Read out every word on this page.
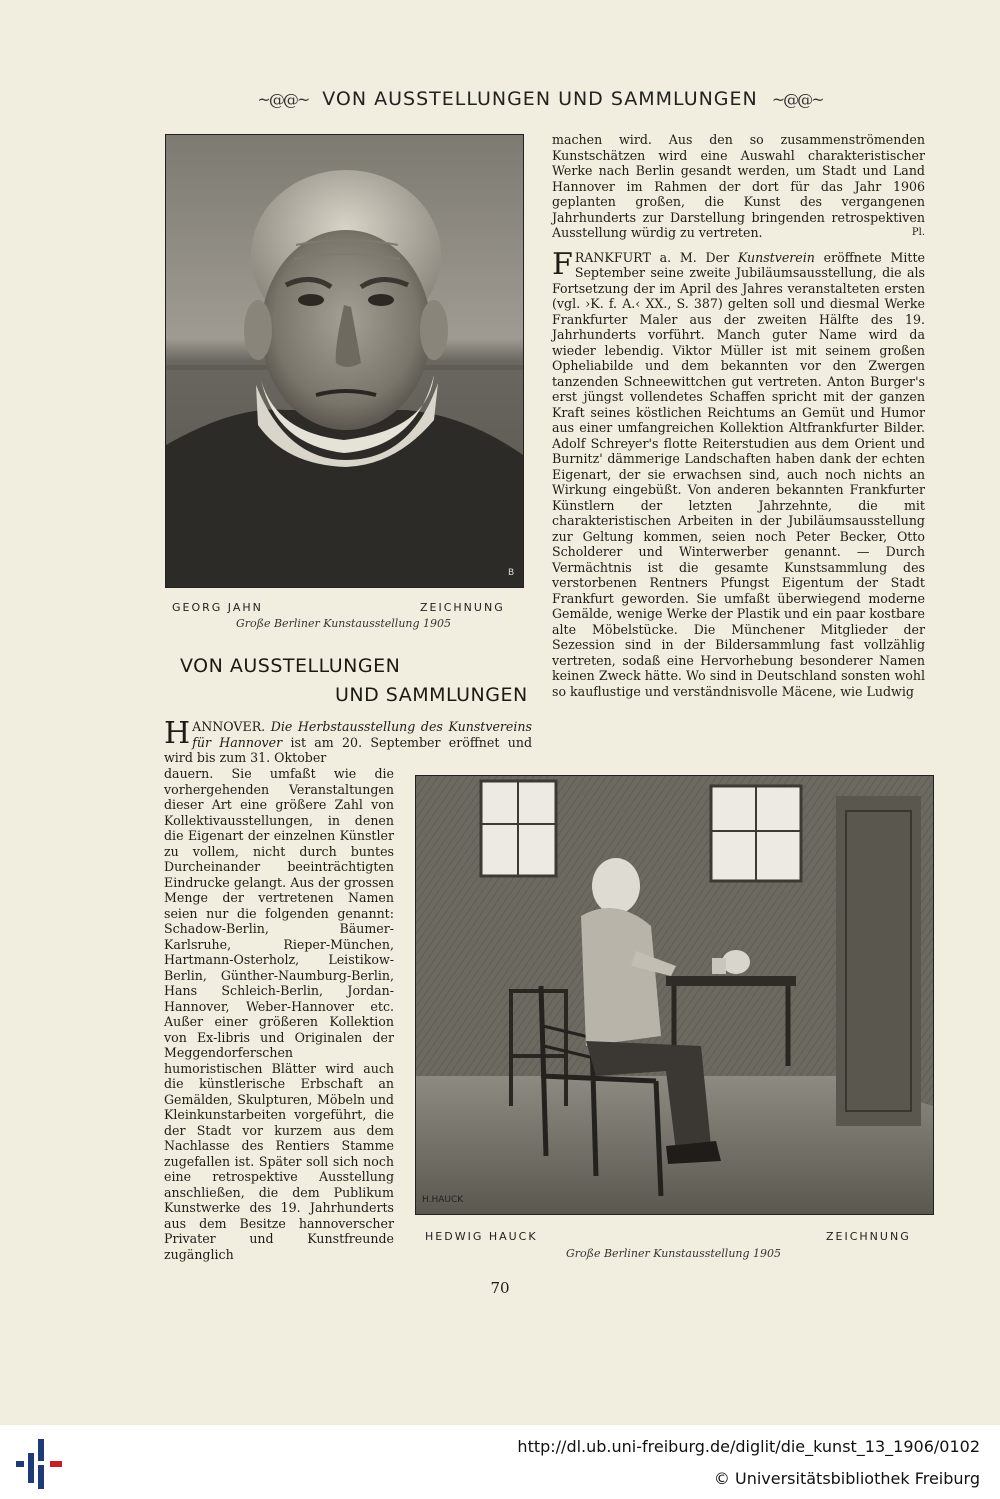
~@@~ VON AUSSTELLUNGEN UND SAMMLUNGEN ~@@~
B
GEORG JAHN	ZEICHNUNG
Große Berliner Kunstausstellung 1905
VON AUSSTELLUNGEN
UND SAMMLUNGEN

machen wird. Aus den so zusammenströmenden Kunstschätzen wird eine Auswahl charakteristischer Werke nach Berlin gesandt werden, um Stadt und Land Hannover im Rahmen der dort für das Jahr 1906 geplanten großen, die Kunst des vergangenen Jahrhunderts zur Darstellung bringenden retrospektiven Ausstellung würdig zu vertreten.	Pl.

FRANKFURT a. M. Der Kunstverein eröffnete Mitte September seine zweite Jubiläumsausstellung, die als Fortsetzung der im April des Jahres veranstalteten ersten (vgl. ›K. f. A.‹ XX., S. 387) gelten soll und diesmal Werke Frankfurter Maler aus der zweiten Hälfte des 19. Jahrhunderts vorführt. Manch guter Name wird da wieder lebendig. Viktor Müller ist mit seinem großen Opheliabilde und dem bekannten vor den Zwergen tanzenden Schneewittchen gut vertreten. Anton Burger's erst jüngst vollendetes Schaffen spricht mit der ganzen Kraft seines köstlichen Reichtums an Gemüt und Humor aus einer umfangreichen Kollektion Altfrankfurter Bilder. Adolf Schreyer's flotte Reiterstudien aus dem Orient und Burnitz' dämmerige Landschaften haben dank der echten Eigenart, der sie erwachsen sind, auch noch nichts an Wirkung eingebüßt. Von anderen bekannten Frankfurter Künstlern der letzten Jahrzehnte, die mit charakteristischen Arbeiten in der Jubiläumsausstellung zur Geltung kommen, seien noch Peter Becker, Otto Scholderer und Winterwerber genannt. — Durch Vermächtnis ist die gesamte Kunstsammlung des verstorbenen Rentners Pfungst Eigentum der Stadt Frankfurt geworden. Sie umfaßt überwiegend moderne Gemälde, wenige Werke der Plastik und ein paar kostbare alte Möbelstücke. Die Münchener Mitglieder der Sezession sind in der Bildersammlung fast vollzählig vertreten, sodaß eine Hervorhebung besonderer Namen keinen Zweck hätte. Wo sind in Deutschland sonsten wohl so kauflustige und verständnisvolle Mäcene, wie Ludwig

HANNOVER. Die Herbstausstellung des Kunstvereins für Hannover ist am 20. September eröffnet und wird bis zum 31. Oktober

dauern. Sie umfaßt wie die vorhergehenden Veranstaltungen dieser Art eine größere Zahl von Kollektivausstellungen, in denen die Eigenart der einzelnen Künstler zu vollem, nicht durch buntes Durcheinander beeinträchtigten Eindrucke gelangt. Aus der grossen Menge der vertretenen Namen seien nur die folgenden genannt: Schadow-Berlin, Bäumer-Karlsruhe, Rieper-München, Hartmann-Osterholz, Leistikow-Berlin, Günther-Naumburg-Berlin, Hans Schleich-Berlin, Jordan-Hannover, Weber-Hannover etc. Außer einer größeren Kollektion von Ex-libris und Originalen der Meggendorferschen humoristischen Blätter wird auch die künstlerische Erbschaft an Gemälden, Skulpturen, Möbeln und Kleinkunstarbeiten vorgeführt, die der Stadt vor kurzem aus dem Nachlasse des Rentiers Stamme zugefallen ist. Später soll sich noch eine retrospektive Ausstellung anschließen, die dem Publikum Kunstwerke des 19. Jahrhunderts aus dem Besitze hannoverscher Privater und Kunstfreunde zugänglich

H.HAUCK
HEDWIG HAUCK	ZEICHNUNG
Große Berliner Kunstausstellung 1905
70
http://dl.ub.uni-freiburg.de/diglit/die_kunst_13_1906/0102
© Universitätsbibliothek Freiburg
